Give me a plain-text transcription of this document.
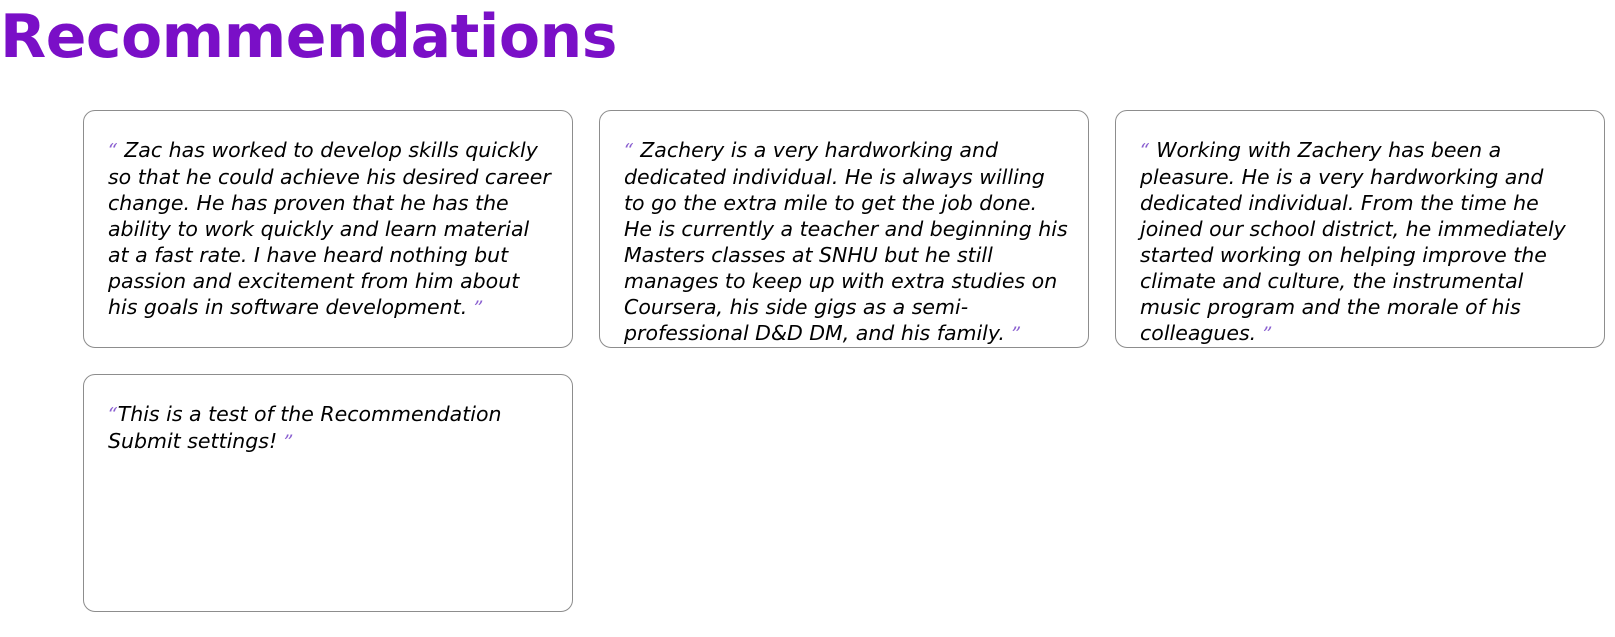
Recommendations

“ Zac has worked to develop skills quickly so that he could achieve his desired career change. He has proven that he has the ability to work quickly and learn material at a fast rate. I have heard nothing but passion and excitement from him about his goals in software development. ”

“ Zachery is a very hardworking and dedicated individual. He is always willing to go the extra mile to get the job done. He is currently a teacher and beginning his Masters classes at SNHU but he still manages to keep up with extra studies on Coursera, his side gigs as a semi-professional D&D DM, and his family. ”

“ Working with Zachery has been a pleasure. He is a very hardworking and dedicated individual. From the time he joined our school district, he immediately started working on helping improve the climate and culture, the instrumental music program and the morale of his colleagues. ”

“This is a test of the Recommendation Submit settings! ”
